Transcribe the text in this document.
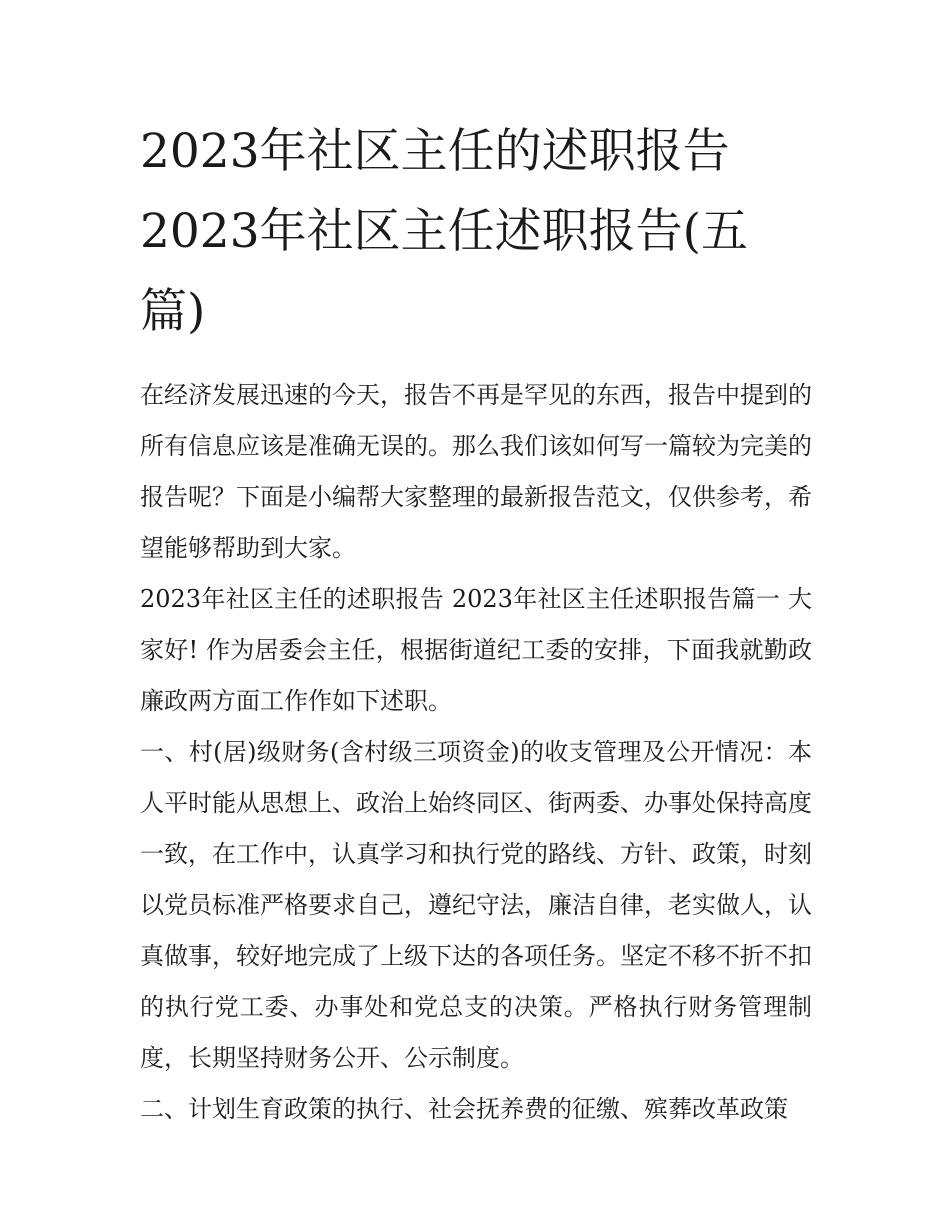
2023年社区主任的述职报告
2023年社区主任述职报告(五
篇)

在经济发展迅速的今天，报告不再是罕见的东西，报告中提到的所有信息应该是准确无误的。那么我们该如何写一篇较为完美的报告呢？下面是小编帮大家整理的最新报告范文，仅供参考，希望能够帮助到大家。

2023年社区主任的述职报告 2023年社区主任述职报告篇一 大家好! 作为居委会主任，根据街道纪工委的安排，下面我就勤政廉政两方面工作作如下述职。

一、村(居)级财务(含村级三项资金)的收支管理及公开情况：本人平时能从思想上、政治上始终同区、街两委、办事处保持高度一致，在工作中，认真学习和执行党的路线、方针、政策，时刻以党员标准严格要求自己，遵纪守法，廉洁自律，老实做人，认真做事，较好地完成了上级下达的各项任务。坚定不移不折不扣的执行党工委、办事处和党总支的决策。严格执行财务管理制度，长期坚持财务公开、公示制度。

二、计划生育政策的执行、社会抚养费的征缴、殡葬改革政策
